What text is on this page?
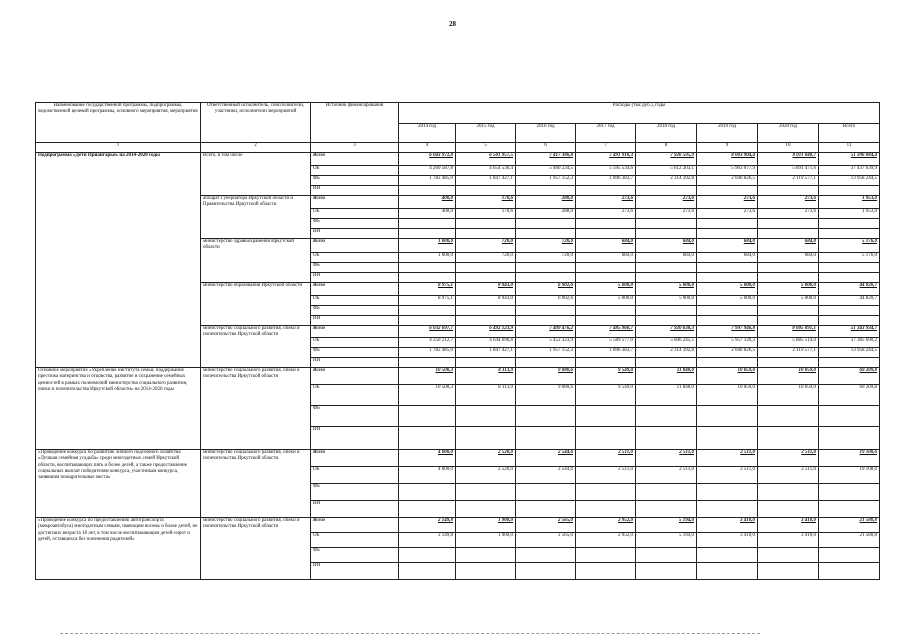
28
Наименование государственной программы, подпрограммы, ведомственной целевой программы, основного мероприятия, мероприятия	Ответственный исполнитель, соисполнители, участники, исполнители мероприятий	Источник финансирования	Расходы (тыс.руб.), годы							
			2014 год	2015 год	2016 год	2017 год	2018 год	2019 год	2020 год	Всего
1	2	3	4	5	6	7	8	9	10	11
Подпрограмма «Дети Приангарья» на 2014-2020 годы	Всего, в том числе	Всего	6 043 972,8	6 501 957,5	7 417 386,8	7 491 918,3	7 926 595,9	8 003 904,4	8 011 048,7	51 396 884,4
		ОБ	4 260 587,8	4 654 530,4	5 460 234,5	5 595 534,6	5 612 203,1	5 963 077,9	5 891 471,6	37 437 639,9
		ФБ	1 782 485,0	1 847 427,1	1 957 152,3	1 896 383,7	2 314 392,8	2 040 826,5	2 119 577,1	13 958 244,5
		ИИ								
	аппарат Губернатора Иркутской области и Правительства Иркутской области	Всего	400,0	170,6	288,0	273,6	273,6	273,6	273,6	1 953,0
		ОБ	400,0	170,6	288,0	273,6	273,6	273,6	273,6	1 953,0
		ФБ								
		ИИ								
	министерство здравоохранения Иркутской области	Всего	1 000,0	720,0	720,0	684,0	684,0	684,0	684,0	5 176,0
		ОБ	1 000,0	720,0	720,0	684,0	684,0	684,0	684,0	5 176,0
		ФБ								
		ИИ								
	министерство образования Иркутской области	Всего	8 975,1	8 943,0	6 902,6	5 000,0	5 000,0	5 000,0	5 000,0	44 820,7
		ОБ	8 975,1	8 943,0	6 902,6	5 000,0	5 000,0	5 000,0	5 000,0	44 820,7
		ФБ								
		ИИ								
	министерство социального развития, опеки и попечительства Иркутской области	Всего	6 032 697,7	6 492 123,9	7 409 476,2	7 485 960,7	7 920 638,3	7 997 946,8	8 005 091,1	51 343 934,7
		ОБ	4 250 212,7	4 644 696,8	5 452 323,9	5 589 577,0	5 606 245,5	5 957 120,3	5 885 514,0	37 385 690,2
		ФБ	1 782 485,0	1 847 427,1	1 957 152,3	1 896 383,7	2 314 392,8	2 040 826,5	2 119 577,1	13 958 244,5
		ИИ								
Основное мероприятие «Укрепление института семьи, поддержание престижа материнства и отцовства, развитие и сохранение семейных ценностей в рамках полномочий министерства социального развития, опеки и попечительства Иркутской области» на 2014-2020 годы	министерство социального развития, опеки и попечительства Иркутской области	Всего	10 500,3	8 113,9	9 080,6	9 549,0	11 848,0	10 059,0	10 059,0	69 209,8
		ОБ	10 500,3	8 113,9	9 080,6	9 549,0	11 848,0	10 059,0	10 059,0	69 209,8
		ФБ								
		ИИ								
«Проведение конкурса по развитию личного подсобного хозяйства «Лучшая семейная усадьба» среди многодетных семей Иркутской области, воспитывающих пять и более детей, а также предоставление социальных выплат победителям конкурса, участникам конкурса, занявшим поощрительные места»	министерство социального развития, опеки и попечительства Иркутской области	Всего	4 000,0	2 520,0	2 544,6	2 511,0	2 511,0	2 511,0	2 511,0	19 108,6
		ОБ	4 000,0	2 520,0	2 544,6	2 511,0	2 511,0	2 511,0	2 511,0	19 108,6
		ФБ								
		ИИ								
«Проведение конкурса по предоставлению автотранспорта (микроавтобуса) многодетным семьям, имеющим восемь и более детей, не достигших возраста 18 лет, в том числе воспитывающим детей-сирот и детей, оставшихся без попечения родителей»	министерство социального развития, опеки и попечительства Иркутской области	Всего	2 149,8	1 900,0	2 565,0	2 952,0	5 194,0	3 410,0	3 410,0	21 580,8
		ОБ	2 149,8	1 900,0	2 565,0	2 952,0	5 194,0	3 410,0	3 410,0	21 580,8
		ФБ								
		ИИ								
